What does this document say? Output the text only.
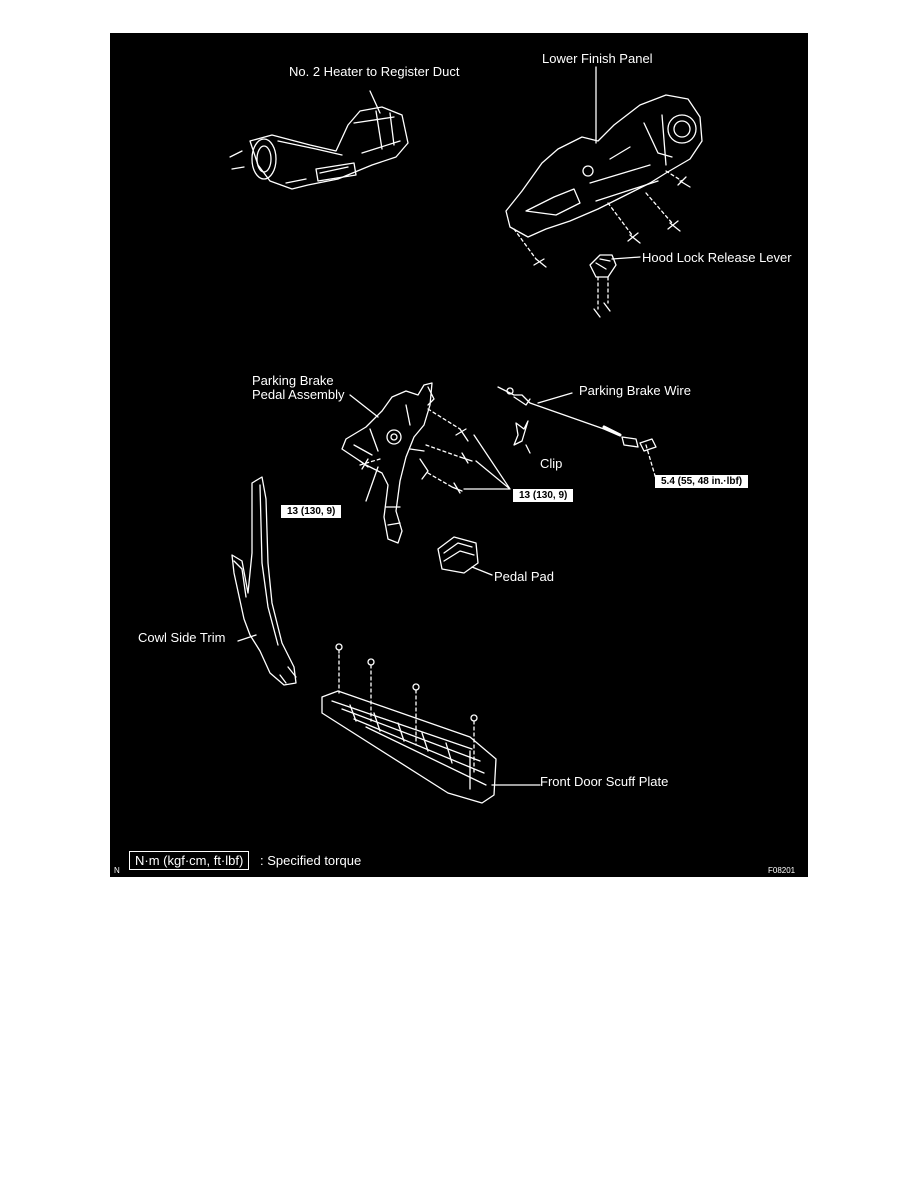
No. 2 Heater to Register Duct
Lower Finish Panel
Hood Lock Release Lever
Parking Brake
Pedal Assembly	Parking Brake Wire
Clip
Pedal Pad
Cowl Side Trim
Front Door Scuff Plate
13 (130, 9)
13 (130, 9)
5.4 (55, 48 in.·lbf)
N
N·m (kgf·cm, ft·lbf)	: Specified torque
F08201
